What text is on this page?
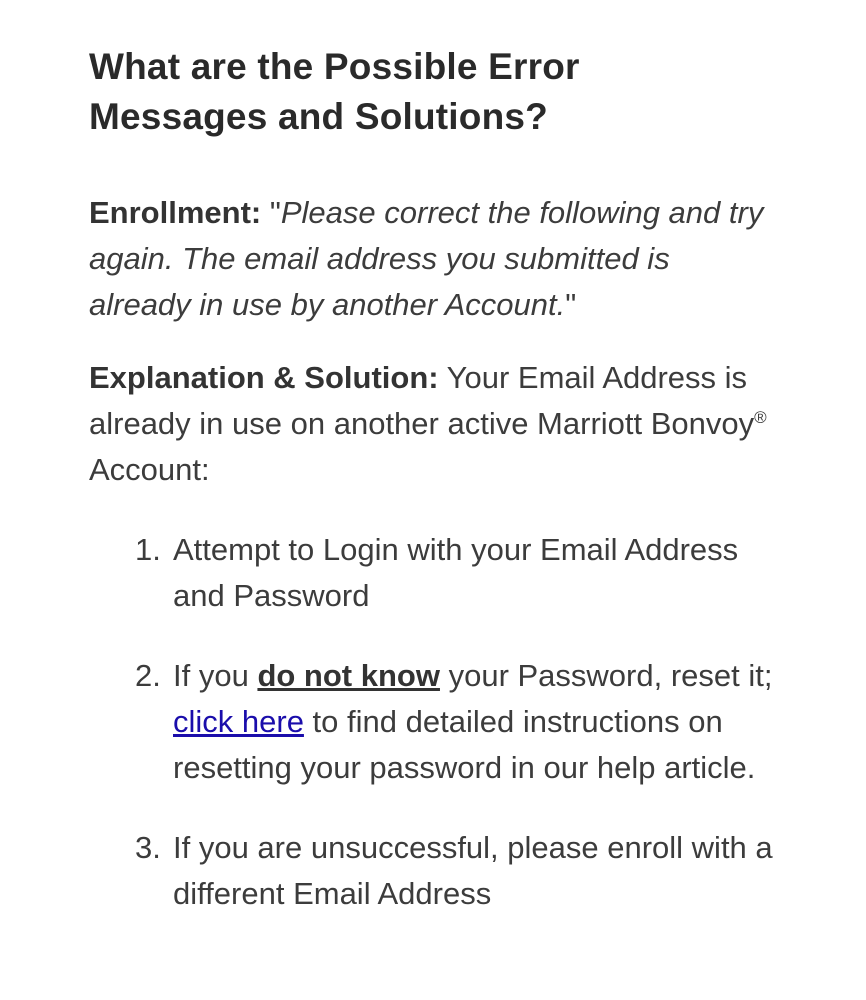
What are the Possible Error
Messages and Solutions?

Enrollment: "Please correct the following and try again. The email address you submitted is already in use by another Account."

Explanation & Solution: Your Email Address is already in use on another active Marriott Bonvoy® Account:

1. Attempt to Login with your Email Address and Password
2. If you do not know your Password, reset it; click here to find detailed instructions on resetting your password in our help article.
3. If you are unsuccessful, please enroll with a different Email Address
